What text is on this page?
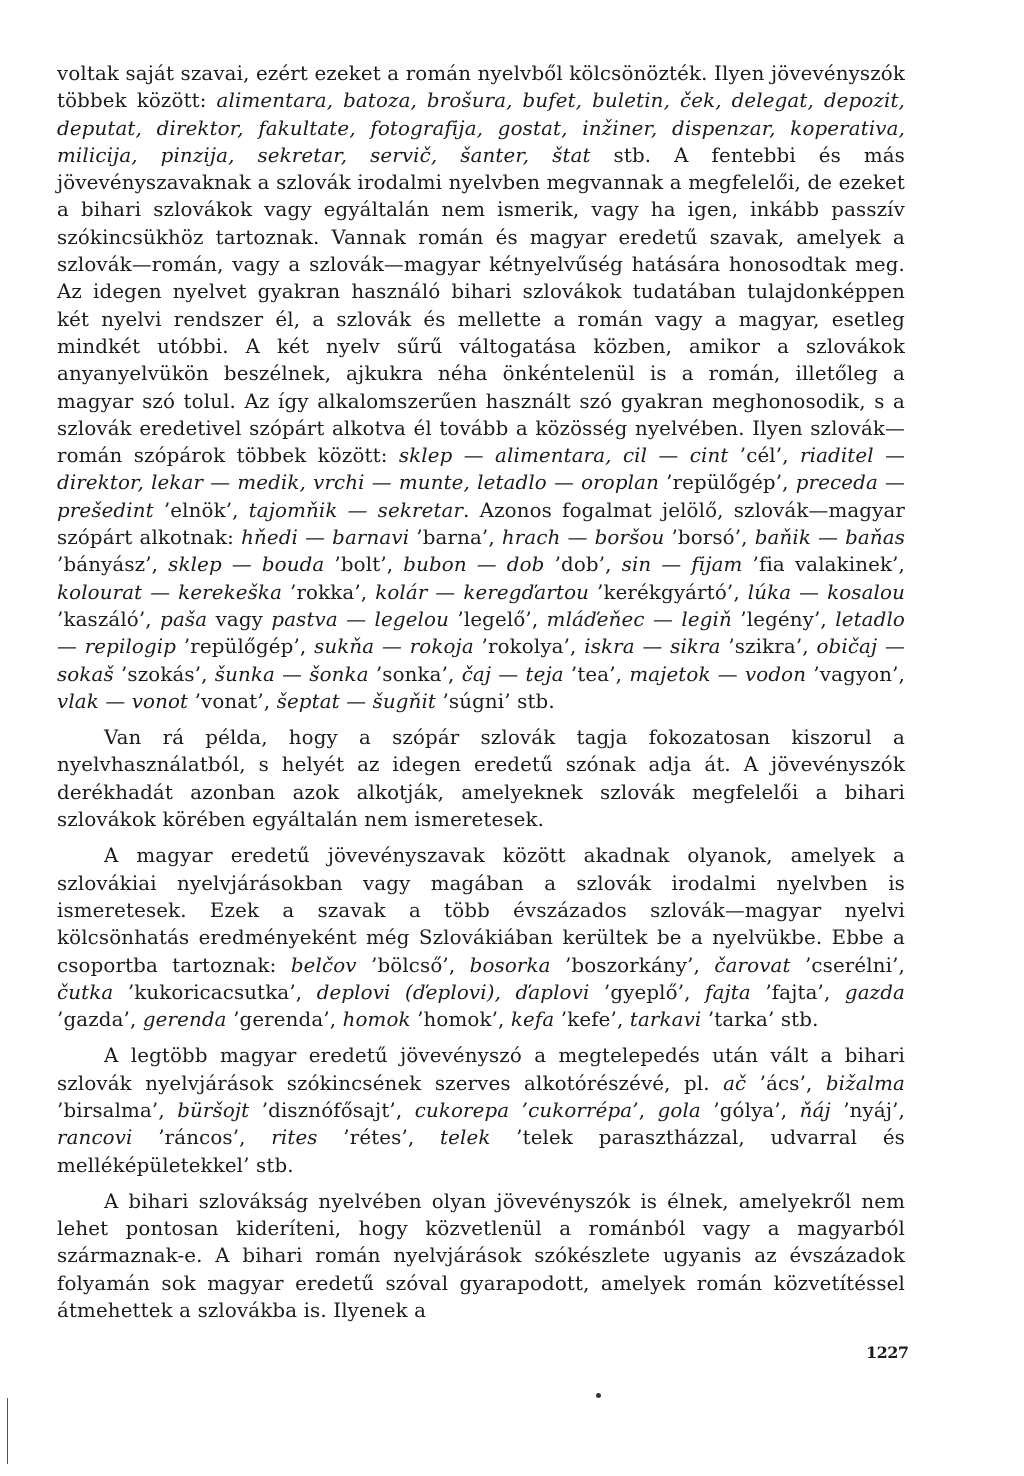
voltak saját szavai, ezért ezeket a román nyelvből kölcsönözték. Ilyen jövevényszók többek között: alimentara, batoza, brošura, bufet, buletin, ček, delegat, depozit, deputat, direktor, fakultate, fotografija, gostat, inžiner, dispenzar, koperativa, milicija, pinzija, sekretar, servič, šanter, štat stb. A fentebbi és más jövevényszavaknak a szlovák irodalmi nyelvben megvannak a megfelelői, de ezeket a bihari szlovákok vagy egyáltalán nem ismerik, vagy ha igen, inkább passzív szókincsükhöz tartoznak. Vannak román és magyar eredetű szavak, amelyek a szlovák—román, vagy a szlovák—magyar kétnyelvűség hatására honosodtak meg. Az idegen nyelvet gyakran használó bihari szlovákok tudatában tulajdonképpen két nyelvi rendszer él, a szlovák és mellette a román vagy a magyar, esetleg mindkét utóbbi. A két nyelv sűrű váltogatása közben, amikor a szlovákok anyanyelvükön beszélnek, ajkukra néha önkéntelenül is a román, illetőleg a magyar szó tolul. Az így alkalomszerűen használt szó gyakran meghonosodik, s a szlovák eredetivel szópárt alkotva él tovább a közösség nyelvében. Ilyen szlovák—román szópárok többek között: sklep — alimentara, cil — cint ’cél’, riaditel — direktor, lekar — medik, vrchi — munte, letadlo — oroplan ’repülőgép’, preceda — prešedint ’elnök’, tajomňik — sekretar. Azonos fogalmat jelölő, szlovák—magyar szópárt alkotnak: hňedi — barnavi ’barna’, hrach — boršou ’borsó’, baňik — baňas ’bányász’, sklep — bouda ’bolt’, bubon — dob ’dob’, sin — fijam ’fia valakinek’, kolourat — kerekeška ’rokka’, kolár — keregďartou ’kerékgyártó’, lúka — kosalou ’kaszáló’, paša vagy pastva — legelou ’legelő’, mláďeňec — legiň ’legény’, letadlo — repilogip ’repülőgép’, sukňa — rokoja ’rokolya’, iskra — sikra ’szikra’, običaj — sokaš ’szokás’, šunka — šonka ’sonka’, čaj — teja ’tea’, majetok — vodon ’vagyon’, vlak — vonot ’vonat’, šeptat — šugňit ’súgni’ stb.

Van rá példa, hogy a szópár szlovák tagja fokozatosan kiszorul a nyelvhasználatból, s helyét az idegen eredetű szónak adja át. A jövevényszók derékhadát azonban azok alkotják, amelyeknek szlovák megfelelői a bihari szlovákok körében egyáltalán nem ismeretesek.

A magyar eredetű jövevényszavak között akadnak olyanok, amelyek a szlovákiai nyelvjárásokban vagy magában a szlovák irodalmi nyelvben is ismeretesek. Ezek a szavak a több évszázados szlovák—magyar nyelvi kölcsönhatás eredményeként még Szlovákiában kerültek be a nyelvükbe. Ebbe a csoportba tartoznak: belčov ’bölcső’, bosorka ’boszorkány’, čarovat ’cserélni’, čutka ’kukoricacsutka’, deplovi (ďeplovi), ďaplovi ’gyeplő’, fajta ’fajta’, gazda ’gazda’, gerenda ’gerenda’, homok ’homok’, kefa ’kefe’, tarkavi ’tarka’ stb.

A legtöbb magyar eredetű jövevényszó a megtelepedés után vált a bihari szlovák nyelvjárások szókincsének szerves alkotórészévé, pl. ač ’ács’, bižalma ’birsalma’, büršojt ’disznófősajt’, cukorepa ’cukorrépa’, gola ’gólya’, ňáj ’nyáj’, rancovi ’ráncos’, rites ’rétes’, telek ’telek parasztházzal, udvarral és melléképületekkel’ stb.

A bihari szlovákság nyelvében olyan jövevényszók is élnek, amelyekről nem lehet pontosan kideríteni, hogy közvetlenül a románból vagy a magyarból származnak-e. A bihari román nyelvjárások szókészlete ugyanis az évszázadok folyamán sok magyar eredetű szóval gyarapodott, amelyek román közvetítéssel átmehettek a szlovákba is. Ilyenek a

1227
